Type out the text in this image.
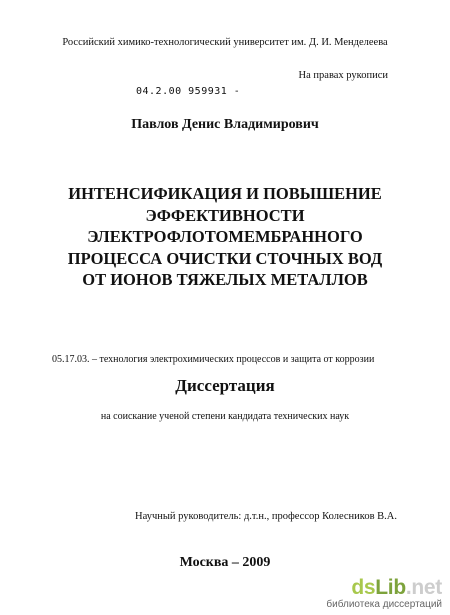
Российский химико-технологический университет им. Д. И. Менделеева
На правах рукописи
04.2.00 959931 -
Павлов Денис Владимирович
ИНТЕНСИФИКАЦИЯ И ПОВЫШЕНИЕ
ЭФФЕКТИВНОСТИ
ЭЛЕКТРОФЛОТОМЕМБРАННОГО
ПРОЦЕССА ОЧИСТКИ СТОЧНЫХ ВОД
ОТ ИОНОВ ТЯЖЕЛЫХ МЕТАЛЛОВ
05.17.03. – технология электрохимических процессов и защита от коррозии
Диссертация
на соискание ученой степени кандидата технических наук
Научный руководитель: д.т.н., профессор Колесников В.А.
Москва – 2009
dsLib.net
библиотека диссертаций
